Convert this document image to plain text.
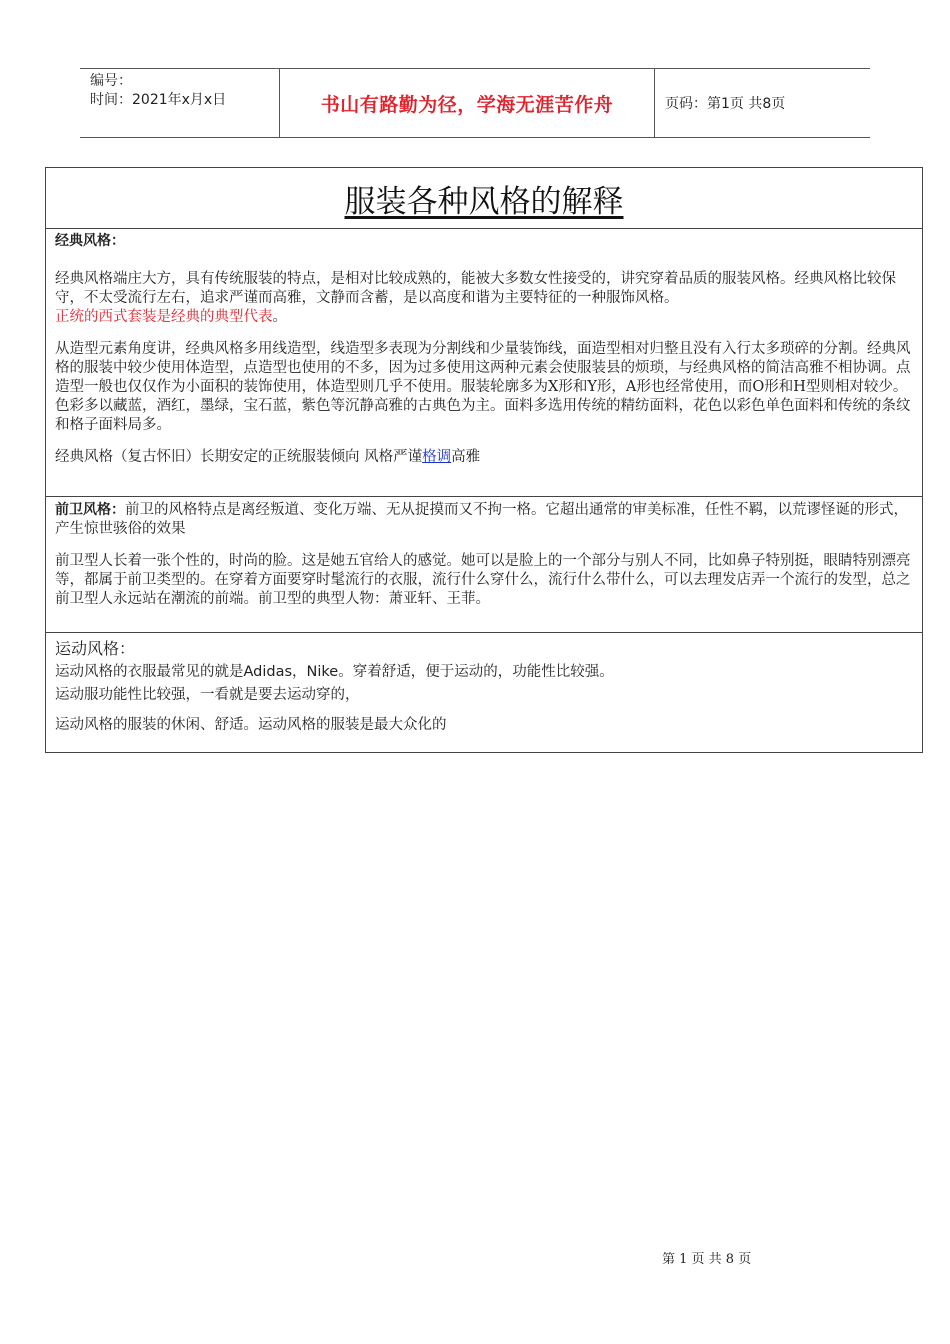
编号：
时间：2021年x月x日	书山有路勤为径，学海无涯苦作舟	页码：第1页 共8页
服装各种风格的解释

经典风格：

经典风格端庄大方，具有传统服装的特点，是相对比较成熟的，能被大多数女性接受的，讲究穿着品质的服装风格。经典风格比较保守，不太受流行左右，追求严谨而高雅，文静而含蓄，是以高度和谐为主要特征的一种服饰风格。
正统的西式套装是经典的典型代表。

从造型元素角度讲，经典风格多用线造型，线造型多表现为分割线和少量装饰线，面造型相对归整且没有入行太多琐碎的分割。经典风格的服装中较少使用体造型，点造型也使用的不多，因为过多使用这两种元素会使服装县的烦琐，与经典风格的简洁高雅不相协调。点造型一般也仅仅作为小面积的装饰使用，体造型则几乎不使用。服装轮廓多为X形和Y形，A形也经常使用，而O形和H型则相对较少。色彩多以藏蓝，酒红，墨绿，宝石蓝，紫色等沉静高雅的古典色为主。面料多选用传统的精纺面料，花色以彩色单色面料和传统的条纹和格子面料局多。

经典风格（复古怀旧）长期安定的正统服装倾向 风格严谨格调高雅

前卫风格：前卫的风格特点是离经叛道、变化万端、无从捉摸而又不拘一格。它超出通常的审美标准，任性不羁，以荒谬怪诞的形式，产生惊世骇俗的效果

前卫型人长着一张个性的，时尚的脸。这是她五官给人的感觉。她可以是脸上的一个部分与别人不同，比如鼻子特别挺，眼睛特别漂亮等，都属于前卫类型的。在穿着方面要穿时髦流行的衣服，流行什么穿什么，流行什么带什么，可以去理发店弄一个流行的发型，总之前卫型人永远站在潮流的前端。前卫型的典型人物：萧亚轩、王菲。

运动风格：

运动风格的衣服最常见的就是Adidas，Nike。穿着舒适，便于运动的，功能性比较强。

运动服功能性比较强，一看就是要去运动穿的，

运动风格的服装的休闲、舒适。运动风格的服装是最大众化的

第 1 页 共 8 页
